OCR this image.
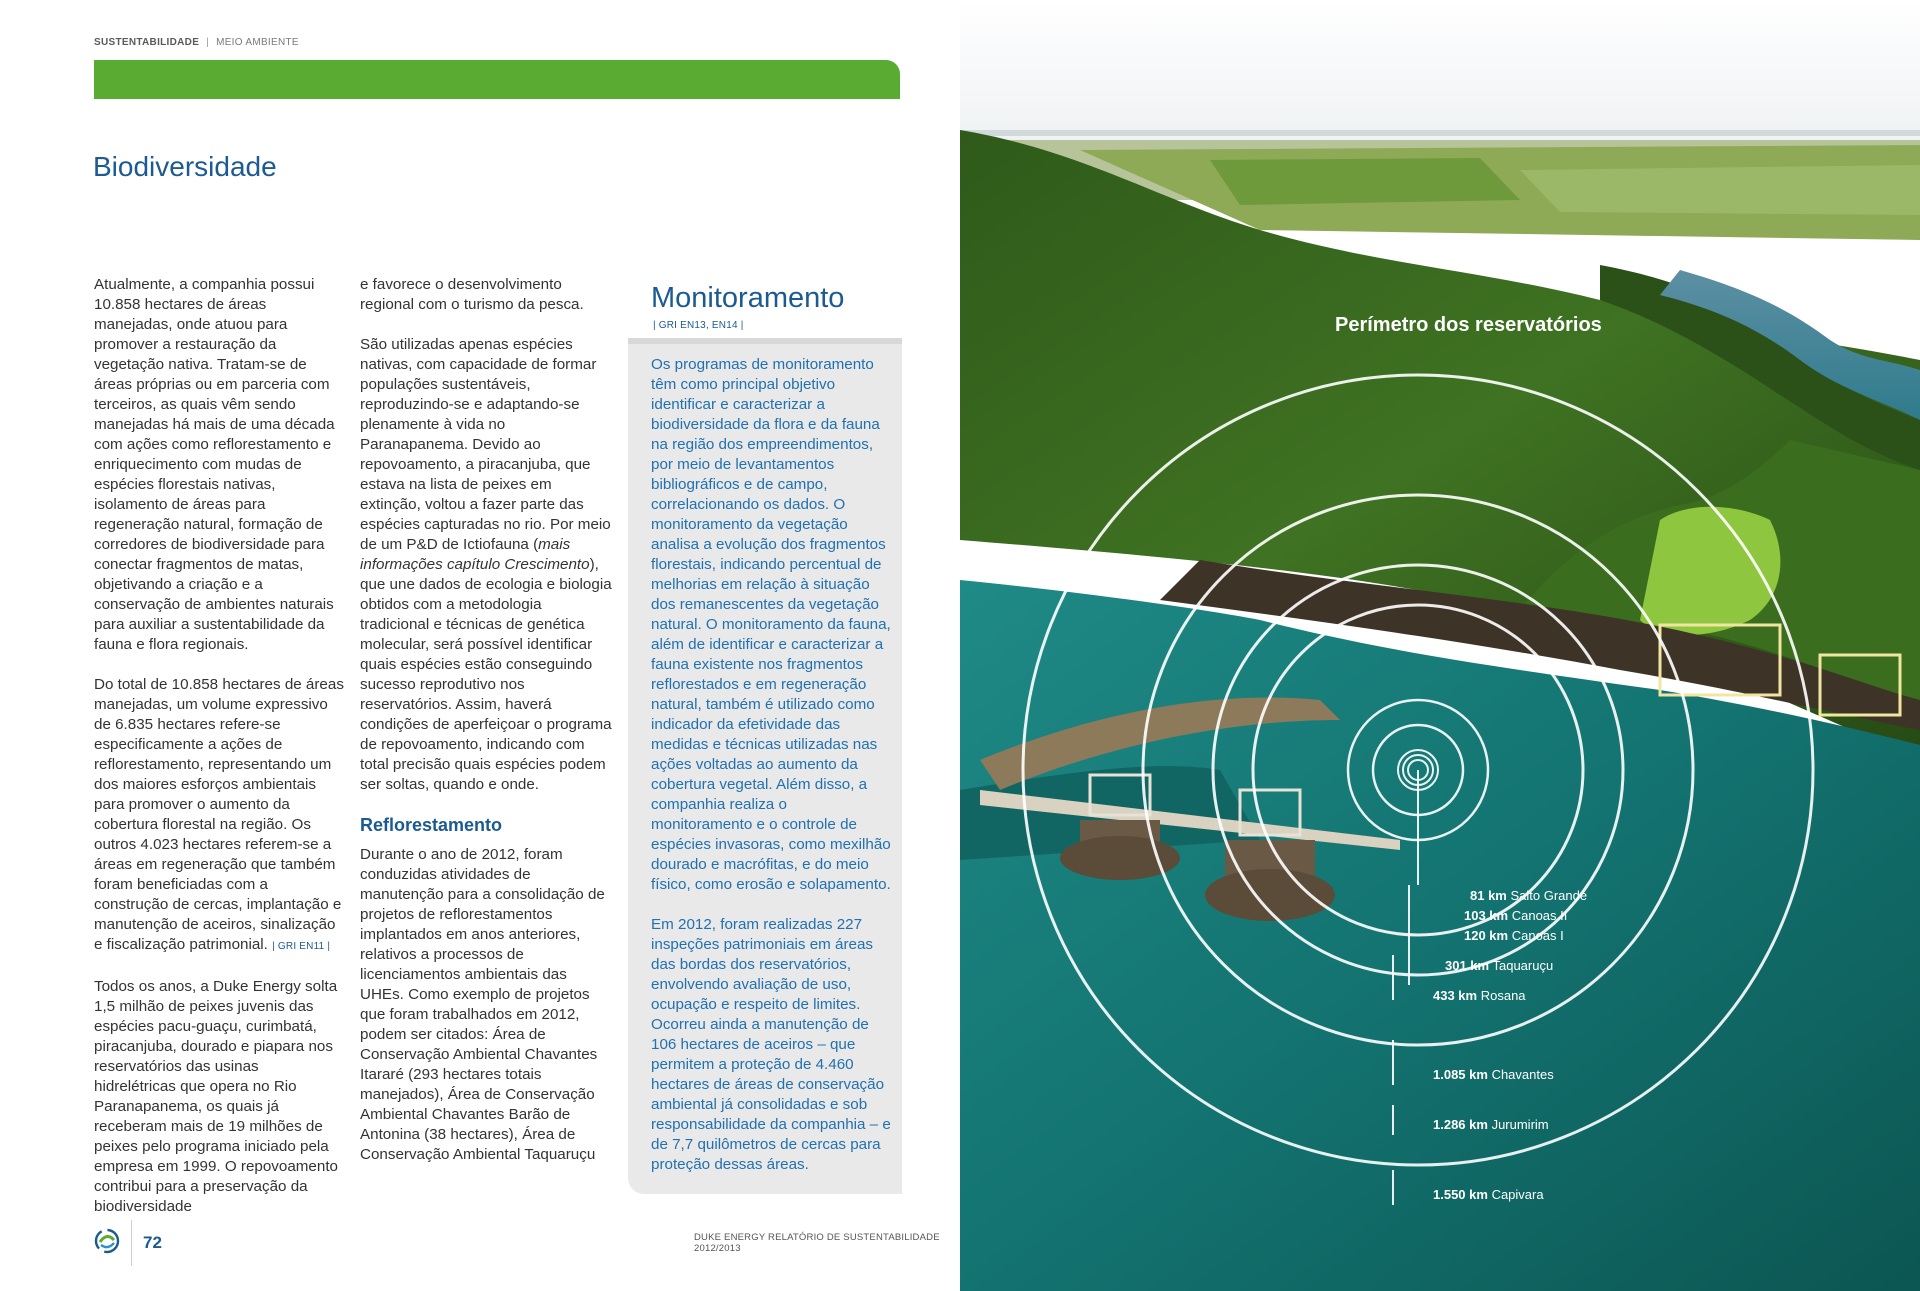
SUSTENTABILIDADE | MEIO AMBIENTE
Biodiversidade

Atualmente, a companhia possui 10.858 hectares de áreas manejadas, onde atuou para promover a restauração da vegetação nativa. Tratam-se de áreas próprias ou em parceria com terceiros, as quais vêm sendo manejadas há mais de uma década com ações como reflorestamento e enriquecimento com mudas de espécies florestais nativas, isolamento de áreas para regeneração natural, formação de corredores de biodiversidade para conectar fragmentos de matas, objetivando a criação e a conservação de ambientes naturais para auxiliar a sustentabilidade da fauna e flora regionais.

Do total de 10.858 hectares de áreas manejadas, um volume expressivo de 6.835 hectares refere-se especificamente a ações de reflorestamento, representando um dos maiores esforços ambientais para promover o aumento da cobertura florestal na região. Os outros 4.023 hectares referem-se a áreas em regeneração que também foram beneficiadas com a construção de cercas, implantação e manutenção de aceiros, sinalização e fiscalização patrimonial. | GRI EN11 |

Todos os anos, a Duke Energy solta 1,5 milhão de peixes juvenis das espécies pacu-guaçu, curimbatá, piracanjuba, dourado e piapara nos reservatórios das usinas hidrelétricas que opera no Rio Paranapanema, os quais já receberam mais de 19 milhões de peixes pelo programa iniciado pela empresa em 1999. O repovoamento contribui para a preservação da biodiversidade

e favorece o desenvolvimento regional com o turismo da pesca.

São utilizadas apenas espécies nativas, com capacidade de formar populações sustentáveis, reproduzindo-se e adaptando-se plenamente à vida no Paranapanema. Devido ao repovoamento, a piracanjuba, que estava na lista de peixes em extinção, voltou a fazer parte das espécies capturadas no rio. Por meio de um P&D de Ictiofauna (mais informações capítulo Crescimento), que une dados de ecologia e biologia obtidos com a metodologia tradicional e técnicas de genética molecular, será possível identificar quais espécies estão conseguindo sucesso reprodutivo nos reservatórios. Assim, haverá condições de aperfeiçoar o programa de repovoamento, indicando com total precisão quais espécies podem ser soltas, quando e onde.

Reflorestamento

Durante o ano de 2012, foram conduzidas atividades de manutenção para a consolidação de projetos de reflorestamentos implantados em anos anteriores, relativos a processos de licenciamentos ambientais das UHEs. Como exemplo de projetos que foram trabalhados em 2012, podem ser citados: Área de Conservação Ambiental Chavantes Itararé (293 hectares totais manejados), Área de Conservação Ambiental Chavantes Barão de Antonina (38 hectares), Área de Conservação Ambiental Taquaruçu

Monitoramento
| GRI EN13, EN14 |

Os programas de monitoramento têm como principal objetivo identificar e caracterizar a biodiversidade da flora e da fauna na região dos empreendimentos, por meio de levantamentos bibliográficos e de campo, correlacionando os dados. O monitoramento da vegetação analisa a evolução dos fragmentos florestais, indicando percentual de melhorias em relação à situação dos remanescentes da vegetação natural. O monitoramento da fauna, além de identificar e caracterizar a fauna existente nos fragmentos reflorestados e em regeneração natural, também é utilizado como indicador da efetividade das medidas e técnicas utilizadas nas ações voltadas ao aumento da cobertura vegetal. Além disso, a companhia realiza o monitoramento e o controle de espécies invasoras, como mexilhão dourado e macrófitas, e do meio físico, como erosão e solapamento.

Em 2012, foram realizadas 227 inspeções patrimoniais em áreas das bordas dos reservatórios, envolvendo avaliação de uso, ocupação e respeito de limites. Ocorreu ainda a manutenção de 106 hectares de aceiros – que permitem a proteção de 4.460 hectares de áreas de conservação ambiental já consolidadas e sob responsabilidade da companhia – e de 7,7 quilômetros de cercas para proteção dessas áreas.

72	DUKE ENERGY RELATÓRIO DE SUSTENTABILIDADE 2012/2013
Perímetro dos reservatórios
81 km Salto Grande
103 km Canoas II
120 km Canoas I
301 km Taquaruçu
433 km Rosana
1.085 km Chavantes
1.286 km Jurumirim
1.550 km Capivara
